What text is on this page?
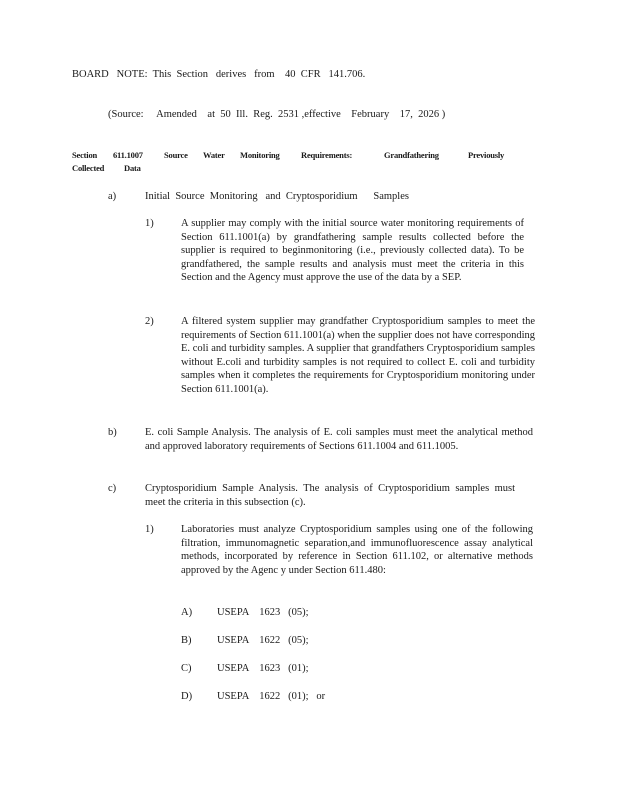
BOARD   NOTE:  This  Section   derives   from    40  CFR   141.706.
(Source:     Amended    at  50  Ill.  Reg.  2531 ,effective    February    17,  2026 )
Section 611.1007 Source Water Monitoring	Requirements:	Grandfathering	Previously
Collected Data
a)	Initial  Source  Monitoring   and  Cryptosporidium      Samples
1)	A supplier may comply with the initial source water monitoring requirements of Section 611.1001(a) by grandfathering sample results collected before the supplier is required to beginmonitoring (i.e., previously collected data). To be grandfathered, the sample results and analysis must meet the criteria in this Section and the Agency must approve the use of the data by a SEP.
2)	A filtered system supplier may grandfather Cryptosporidium samples to meet the requirements of Section 611.1001(a) when the supplier does not have corresponding E. coli and turbidity samples. A supplier that grandfathers Cryptosporidium samples without E.coli and turbidity samples is not required to collect E. coli and turbidity samples when it completes the requirements for Cryptosporidium monitoring under Section 611.1001(a).
b)	E. coli Sample Analysis. The analysis of E. coli samples must meet the analytical method and approved laboratory requirements of Sections 611.1004 and 611.1005.
c)	Cryptosporidium Sample Analysis. The analysis of Cryptosporidium samples must meet the criteria in this subsection (c).
1)	Laboratories must analyze Cryptosporidium samples using one of the following filtration, immunomagnetic separation,and immunofluorescence assay analytical methods, incorporated by reference in Section 611.102, or alternative methods approved by the Agenc y under Section 611.480:
A) USEPA    1623   (05);
B) USEPA    1622   (05);
C) USEPA    1623   (01);
D) USEPA    1622   (01);   or
